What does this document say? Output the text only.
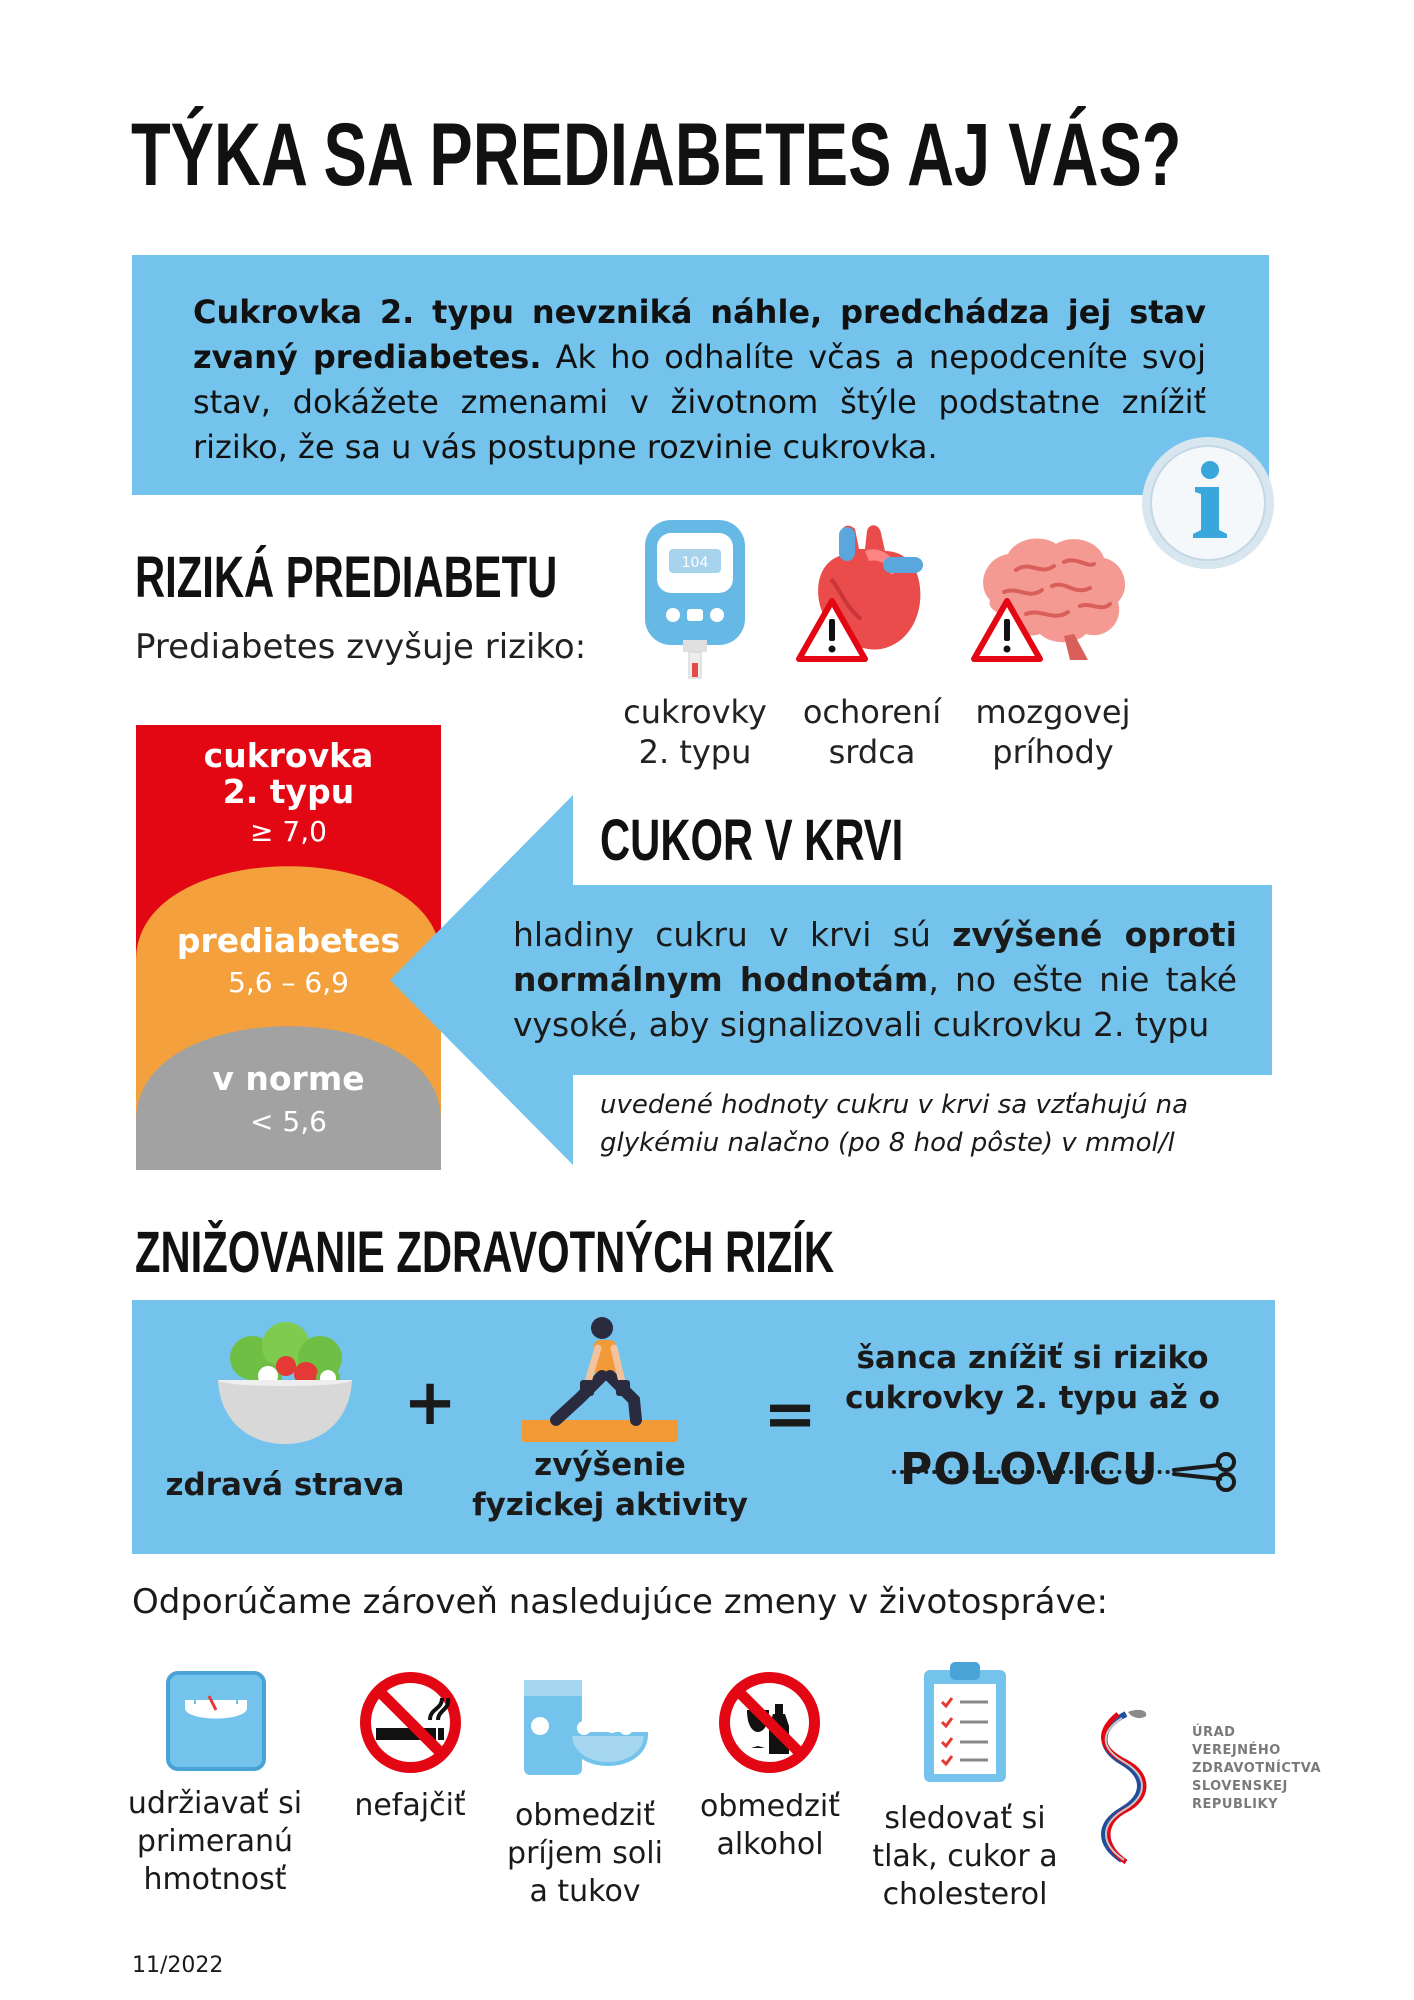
TÝKA SA PREDIABETES AJ VÁS?
Cukrovka 2. typu nevzniká náhle, predchádza jej stav zvaný prediabetes. Ak ho odhalíte včas a nepodceníte svoj stav, dokážete zmenami v životnom štýle podstatne znížiť riziko, že sa u vás postupne rozvinie cukrovka.
RIZIKÁ PREDIABETU
Prediabetes zvyšuje riziko:
104
cukrovky
2. typu
ochorení
srdca
mozgovej
príhody
cukrovka
2. typu
≥ 7,0
prediabetes
5,6 – 6,9
v norme
< 5,6
CUKOR V KRVI
hladiny cukru v krvi sú zvýšené oproti normálnym hodnotám, no ešte nie také vysoké, aby signalizovali cukrovku 2. typu
uvedené hodnoty cukru v krvi sa vzťahujú na
glykémiu nalačno (po 8 hod pôste) v mmol/l
ZNIŽOVANIE ZDRAVOTNÝCH RIZÍK
zdravá strava
+
zvýšenie
fyzickej aktivity
=
šanca znížiť si riziko
cukrovky 2. typu až o
POLOVICU
Odporúčame zároveň nasledujúce zmeny v životospráve:
udržiavať si
primeranú
hmotnosť
nefajčiť	obmedziť
príjem soli
a tukov
obmedziť
alkohol
sledovať si
tlak, cukor a
cholesterol
ÚRAD
VEREJNÉHO
ZDRAVOTNÍCTVA
SLOVENSKEJ
REPUBLIKY
11/2022
